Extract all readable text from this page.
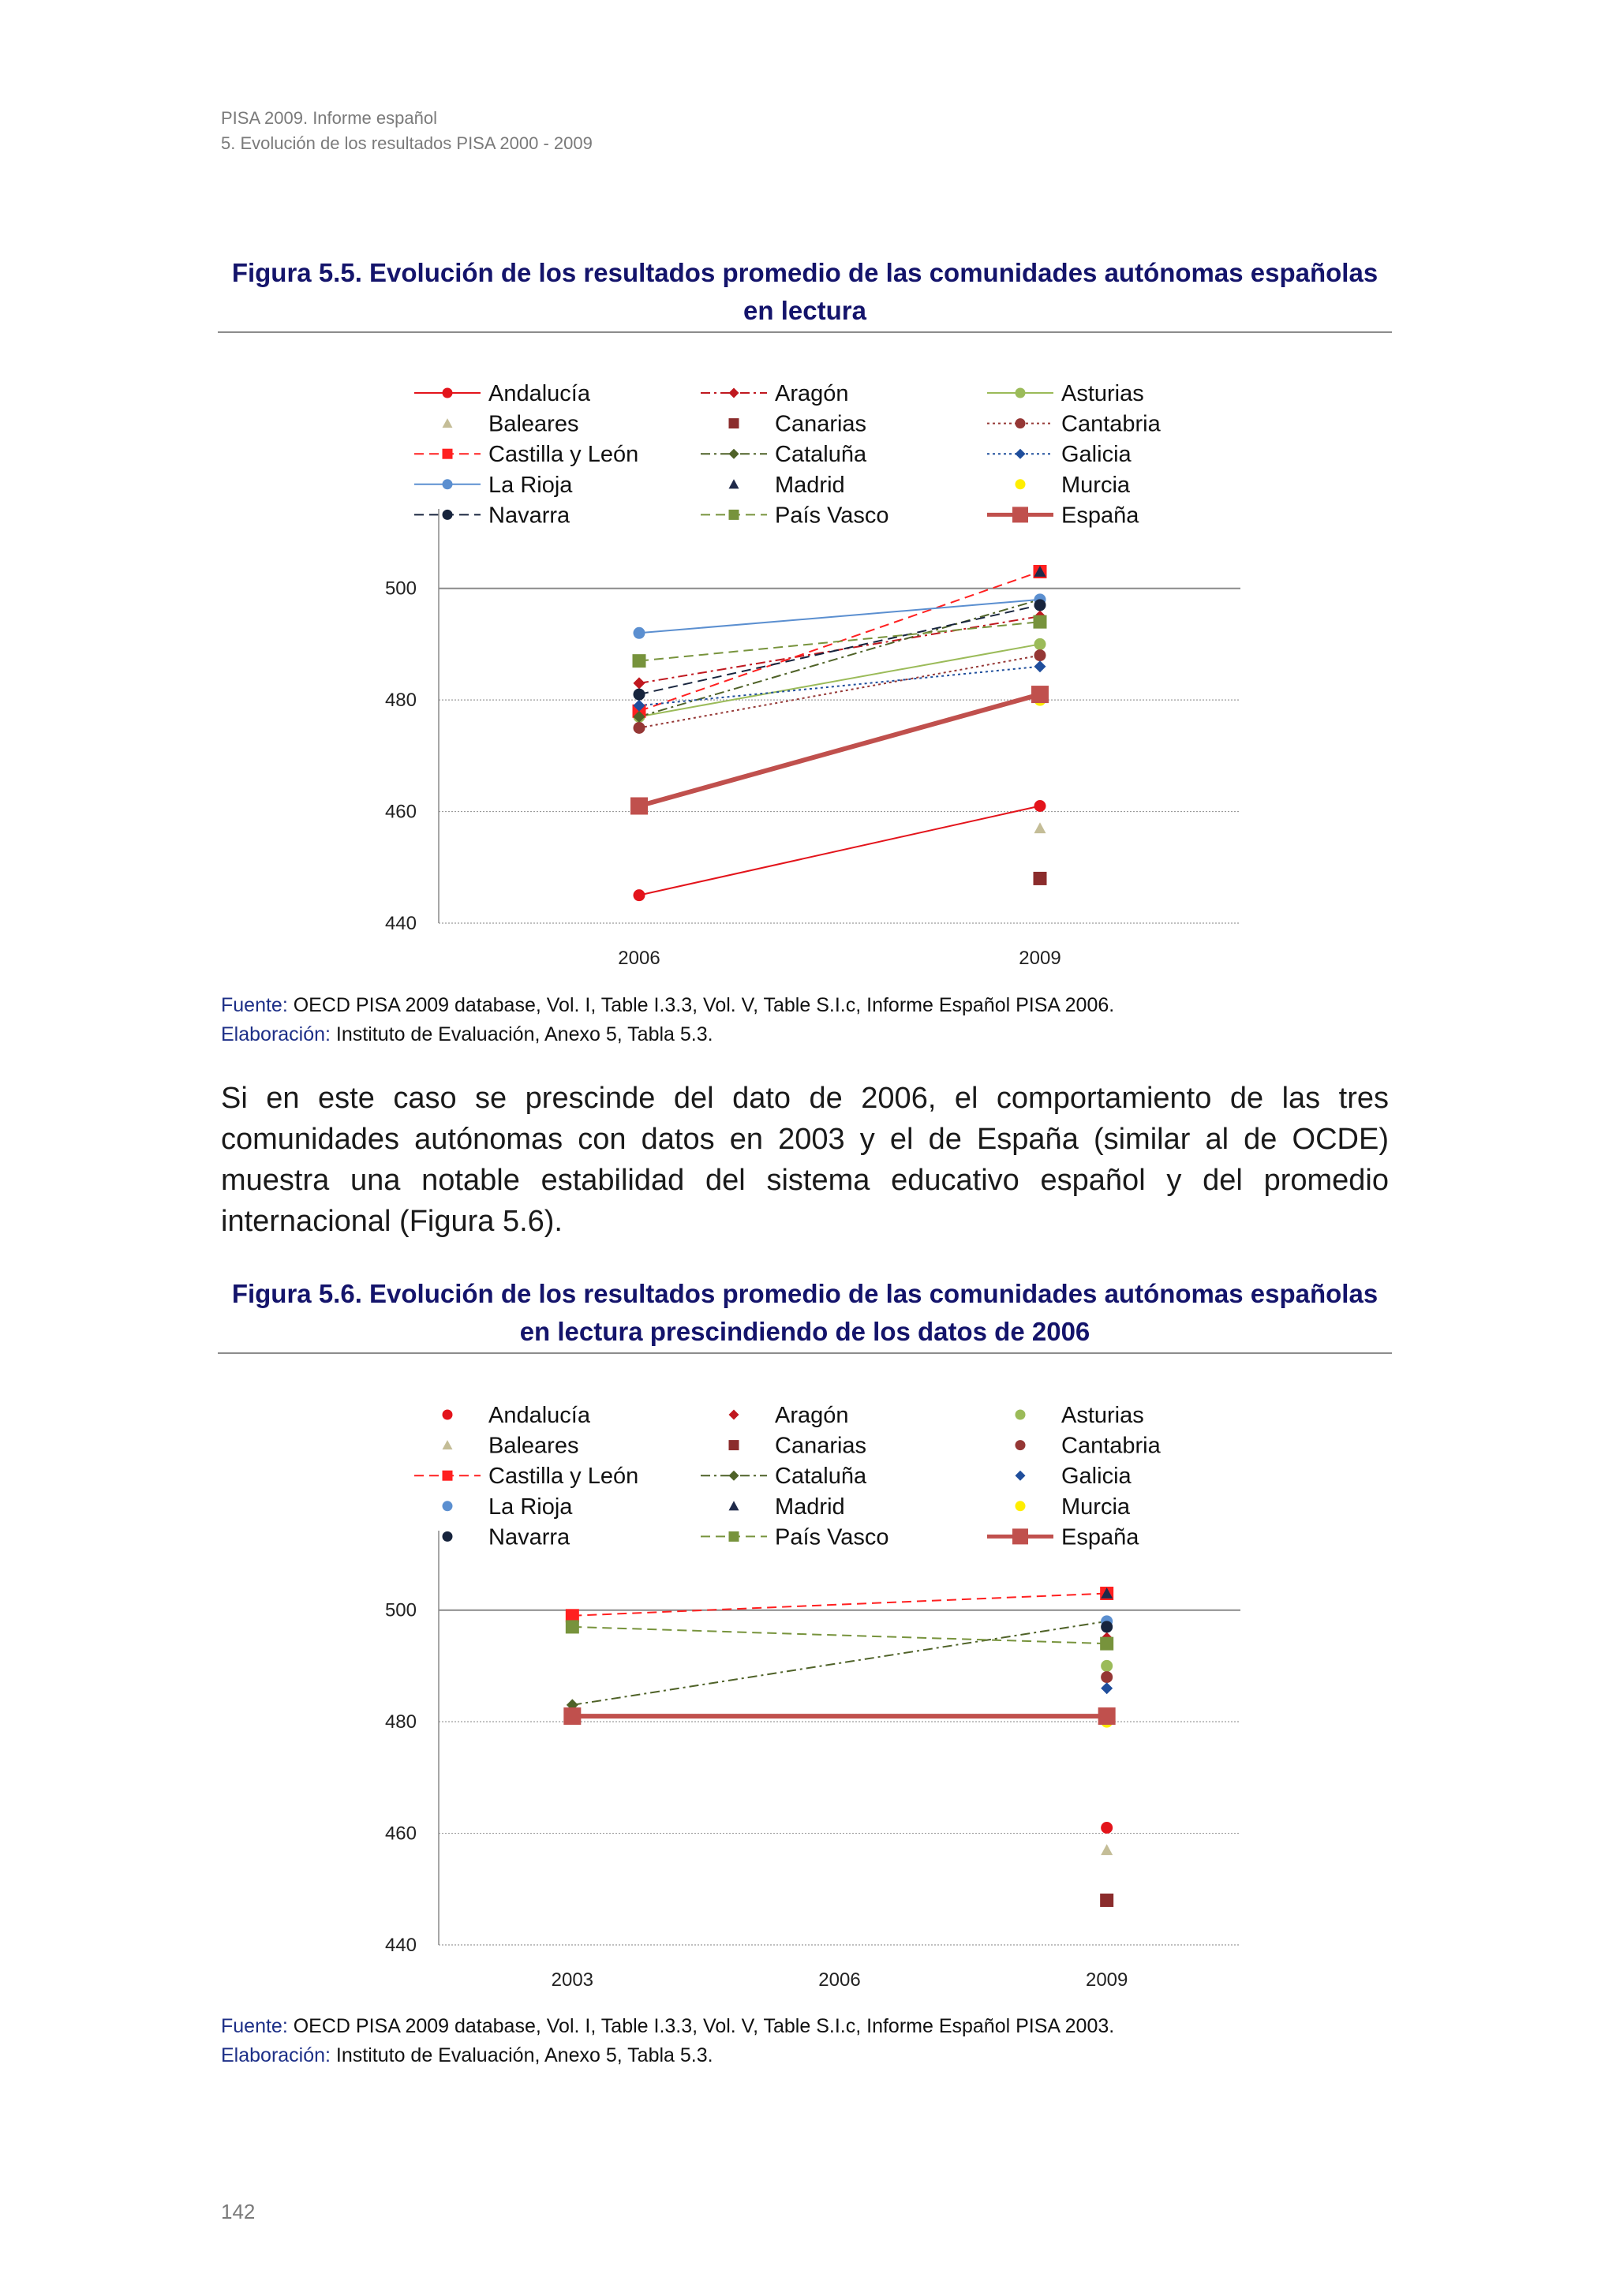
PISA 2009. Informe español
5. Evolución de los resultados PISA 2000 - 2009
Figura 5.5. Evolución de los resultados promedio de las comunidades autónomas españolas
en lectura
Andalucía	Aragón	Asturias
Baleares	Canarias	Cantabria
Castilla y León	Cataluña	Galicia
La Rioja	Madrid	Murcia
Navarra	País Vasco	España
440
460
480
500
2006	2009
Fuente: OECD PISA 2009 database, Vol. I, Table I.3.3, Vol. V, Table S.I.c, Informe Español PISA 2006.
Elaboración: Instituto de Evaluación, Anexo 5, Tabla 5.3.
Si en este caso se prescinde del dato de 2006, el comportamiento de las tres comunidades autónomas con datos en 2003 y el de España (similar al de OCDE) muestra una notable estabilidad del sistema educativo español y del promedio internacional (Figura 5.6).
Figura 5.6. Evolución de los resultados promedio de las comunidades autónomas españolas
en lectura prescindiendo de los datos de 2006
Andalucía	Aragón	Asturias
Baleares	Canarias	Cantabria
Castilla y León	Cataluña	Galicia
La Rioja	Madrid	Murcia
Navarra	País Vasco	España
440
460
480
500
2003	2006	2009
Fuente: OECD PISA 2009 database, Vol. I, Table I.3.3, Vol. V, Table S.I.c, Informe Español PISA 2003.
Elaboración: Instituto de Evaluación, Anexo 5, Tabla 5.3.
142
